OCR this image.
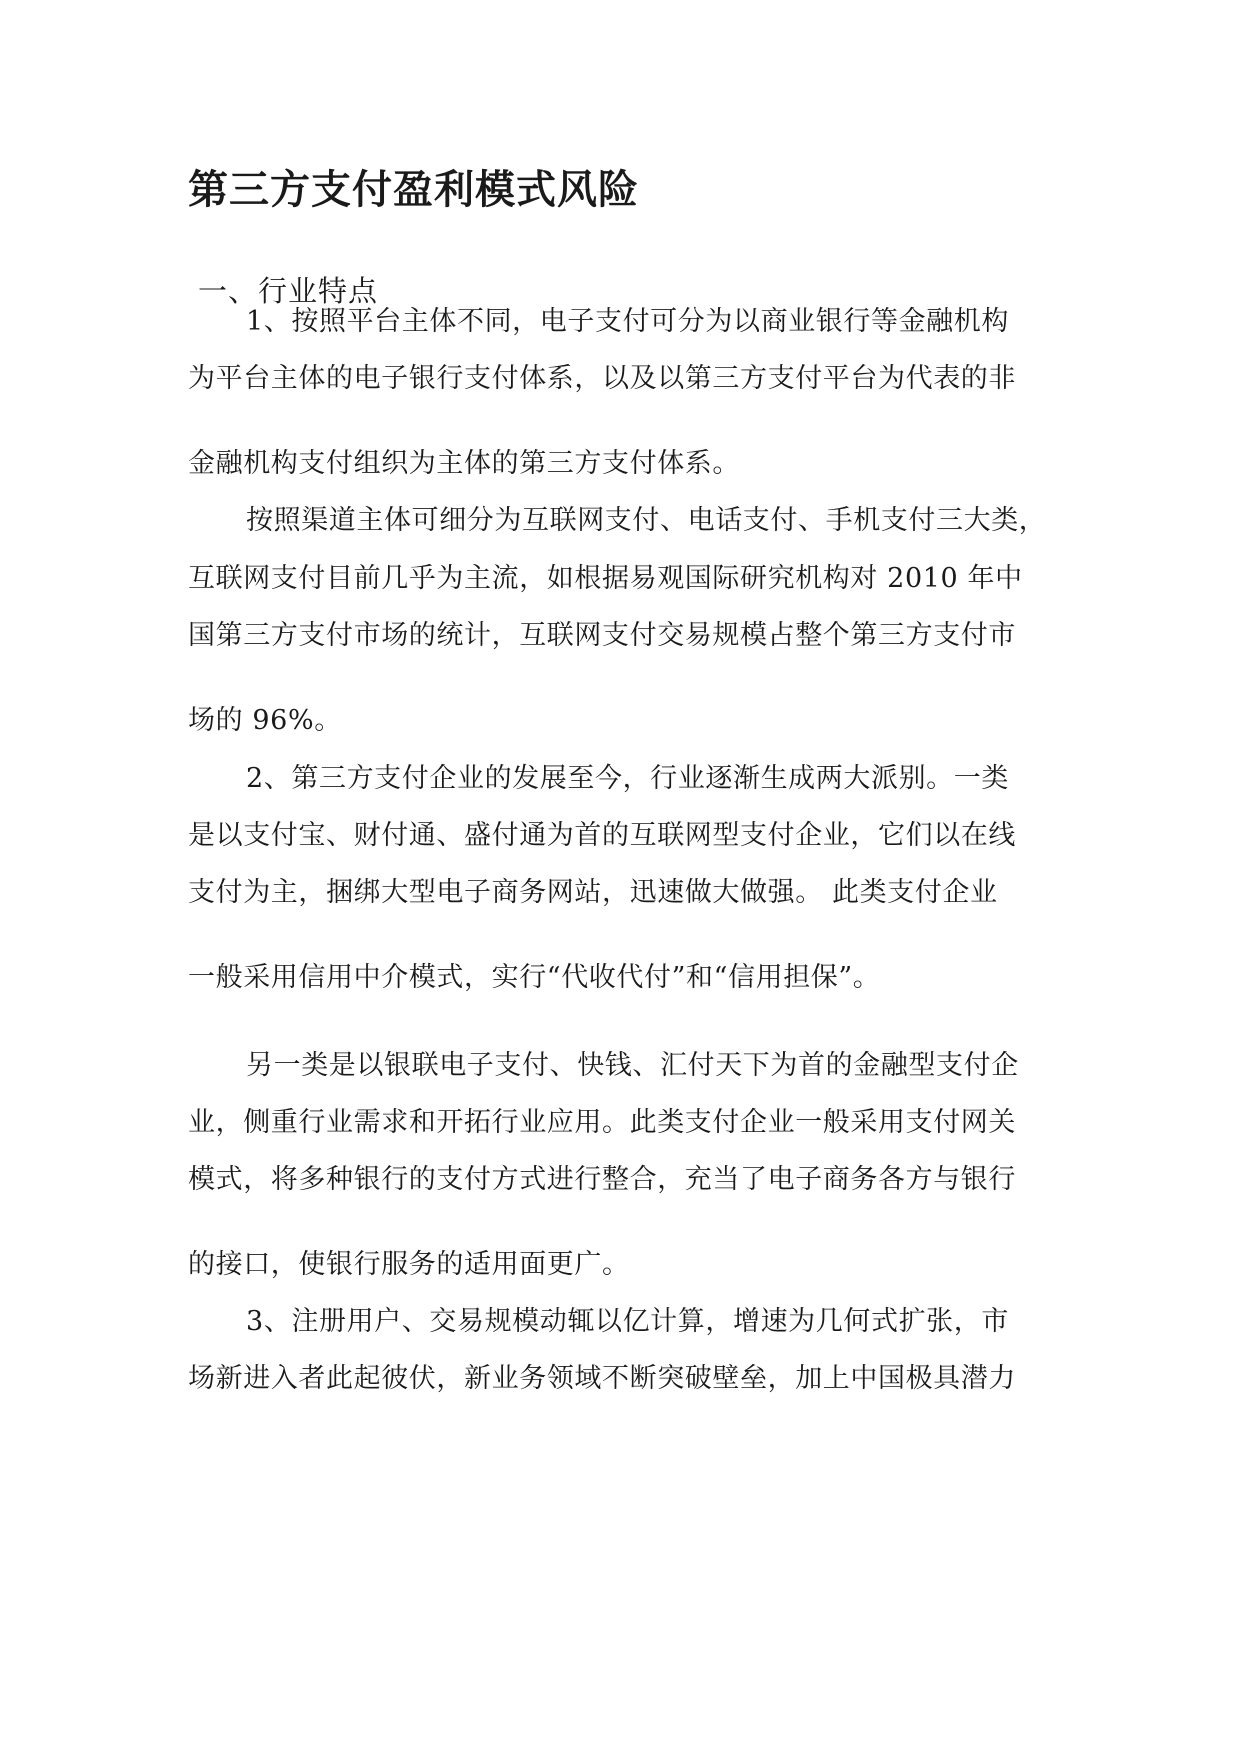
第三方支付盈利模式风险
一、行业特点

1、按照平台主体不同，电子支付可分为以商业银行等金融机构

为平台主体的电子银行支付体系，以及以第三方支付平台为代表的非

金融机构支付组织为主体的第三方支付体系。

按照渠道主体可细分为互联网支付、电话支付、手机支付三大类，

互联网支付目前几乎为主流，如根据易观国际研究机构对 2010 年中

国第三方支付市场的统计，互联网支付交易规模占整个第三方支付市

场的 96%。

2、第三方支付企业的发展至今，行业逐渐生成两大派别。一类

是以支付宝、财付通、盛付通为首的互联网型支付企业，它们以在线

支付为主，捆绑大型电子商务网站，迅速做大做强。 此类支付企业

一般采用信用中介模式，实行“代收代付”和“信用担保”。

另一类是以银联电子支付、快钱、汇付天下为首的金融型支付企

业，侧重行业需求和开拓行业应用。此类支付企业一般采用支付网关

模式，将多种银行的支付方式进行整合，充当了电子商务各方与银行

的接口，使银行服务的适用面更广。

3、注册用户、交易规模动辄以亿计算，增速为几何式扩张，市

场新进入者此起彼伏，新业务领域不断突破壁垒，加上中国极具潜力
